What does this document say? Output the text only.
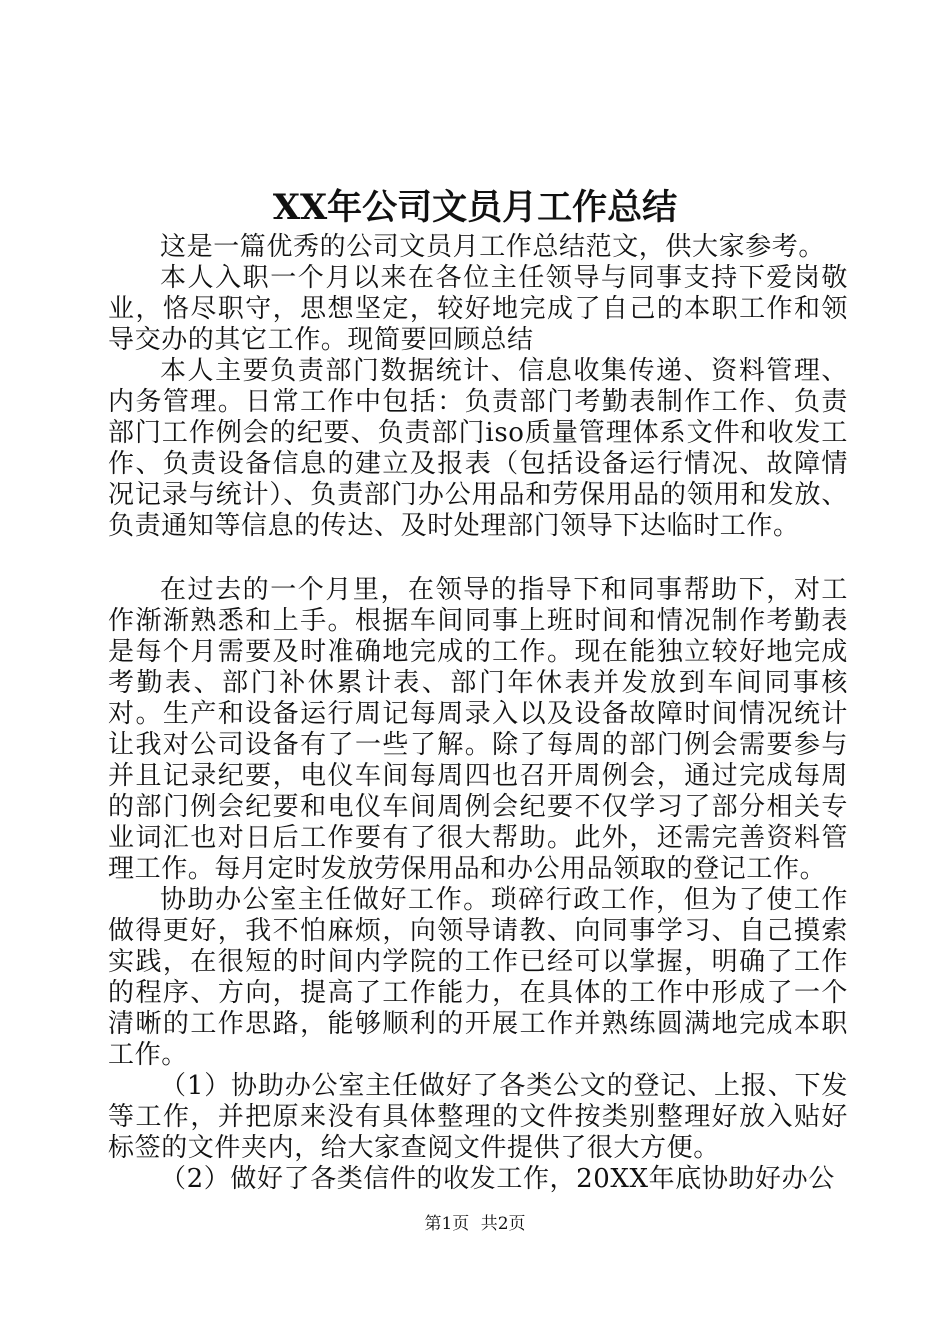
XX年公司文员月工作总结

这是一篇优秀的公司文员月工作总结范文，供大家参考。

本人入职一个月以来在各位主任领导与同事支持下爱岗敬业，恪尽职守，思想坚定，较好地完成了自己的本职工作和领导交办的其它工作。现简要回顾总结

本人主要负责部门数据统计、信息收集传递、资料管理、内务管理。日常工作中包括：负责部门考勤表制作工作、负责部门工作例会的纪要、负责部门iso质量管理体系文件和收发工作、负责设备信息的建立及报表（包括设备运行情况、故障情况记录与统计）、负责部门办公用品和劳保用品的领用和发放、负责通知等信息的传达、及时处理部门领导下达临时工作。

在过去的一个月里，在领导的指导下和同事帮助下，对工作渐渐熟悉和上手。根据车间同事上班时间和情况制作考勤表是每个月需要及时准确地完成的工作。现在能独立较好地完成考勤表、部门补休累计表、部门年休表并发放到车间同事核对。生产和设备运行周记每周录入以及设备故障时间情况统计让我对公司设备有了一些了解。除了每周的部门例会需要参与并且记录纪要，电仪车间每周四也召开周例会，通过完成每周的部门例会纪要和电仪车间周例会纪要不仅学习了部分相关专业词汇也对日后工作要有了很大帮助。此外，还需完善资料管理工作。每月定时发放劳保用品和办公用品领取的登记工作。

协助办公室主任做好工作。琐碎行政工作，但为了使工作做得更好，我不怕麻烦，向领导请教、向同事学习、自己摸索实践，在很短的时间内学院的工作已经可以掌握，明确了工作的程序、方向，提高了工作能力，在具体的工作中形成了一个清晰的工作思路，能够顺利的开展工作并熟练圆满地完成本职工作。

（1）协助办公室主任做好了各类公文的登记、上报、下发等工作，并把原来没有具体整理的文件按类别整理好放入贴好标签的文件夹内，给大家查阅文件提供了很大方便。

（2）做好了各类信件的收发工作，20XX年底协助好办公

第1页 共2页
